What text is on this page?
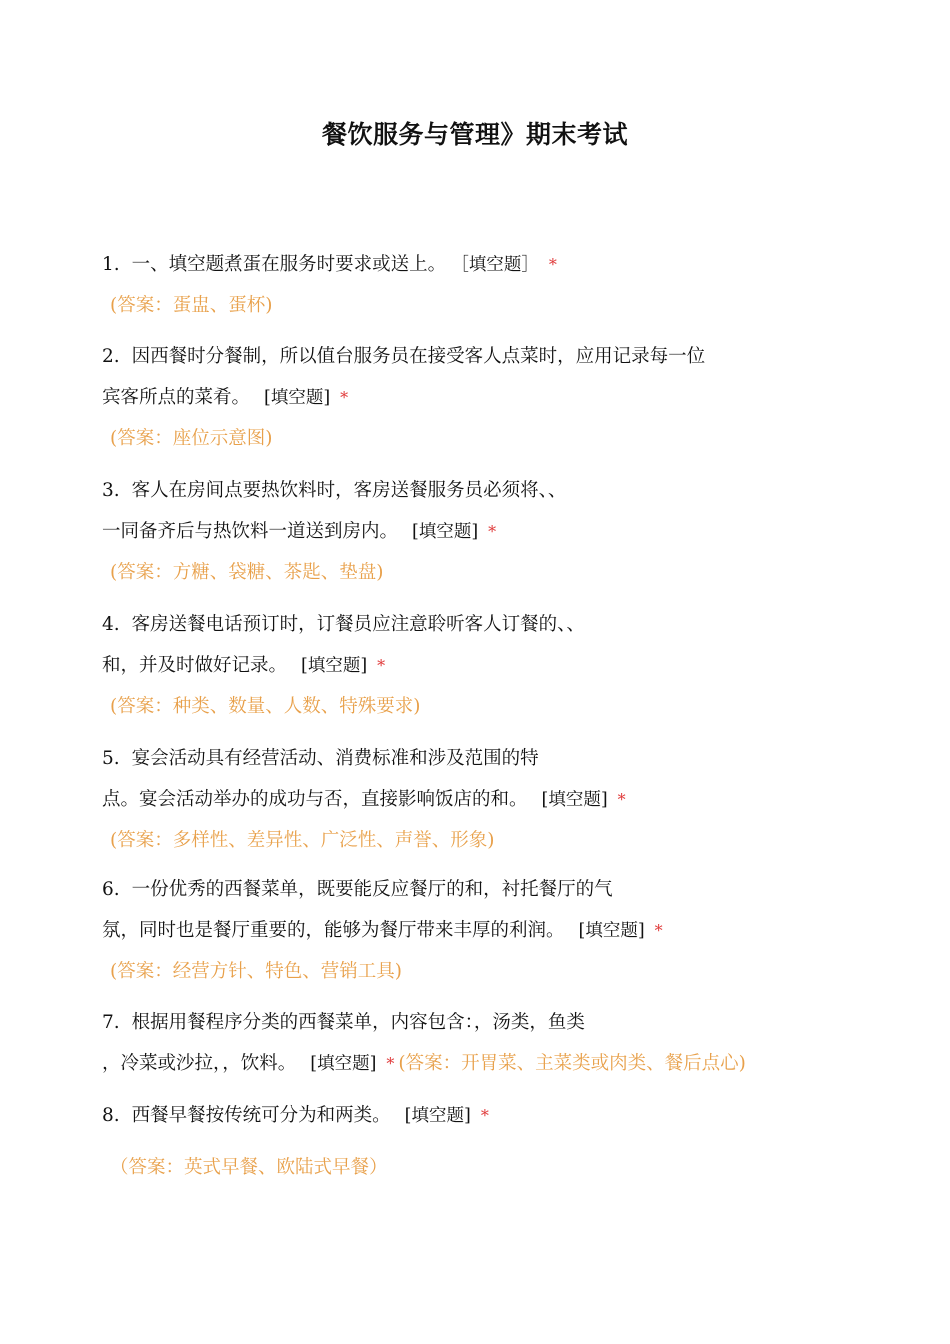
餐饮服务与管理》期末考试
1. 一、填空题煮蛋在服务时要求或送上。 ［填空题］ *
(答案：蛋盅、蛋杯)
2. 因西餐时分餐制，所以值台服务员在接受客人点菜时，应用记录每一位
宾客所点的菜肴。 [填空题] *
(答案：座位示意图)
3. 客人在房间点要热饮料时，客房送餐服务员必须将、、
一同备齐后与热饮料一道送到房内。 [填空题] *
(答案：方糖、袋糖、茶匙、垫盘)
4. 客房送餐电话预订时，订餐员应注意聆听客人订餐的、、
和，并及时做好记录。 [填空题] *
(答案：种类、数量、人数、特殊要求)
5. 宴会活动具有经营活动、消费标准和涉及范围的特
点。宴会活动举办的成功与否，直接影响饭店的和。 [填空题] *
(答案：多样性、差异性、广泛性、声誉、形象)
6. 一份优秀的西餐菜单，既要能反应餐厅的和，衬托餐厅的气
氛，同时也是餐厅重要的，能够为餐厅带来丰厚的利润。 [填空题] *
(答案：经营方针、特色、营销工具)
7. 根据用餐程序分类的西餐菜单，内容包含：，汤类，鱼类
，冷菜或沙拉，，饮料。 [填空题] * (答案：开胃菜、主菜类或肉类、餐后点心)
8. 西餐早餐按传统可分为和两类。 [填空题] *
（答案：英式早餐、欧陆式早餐）
